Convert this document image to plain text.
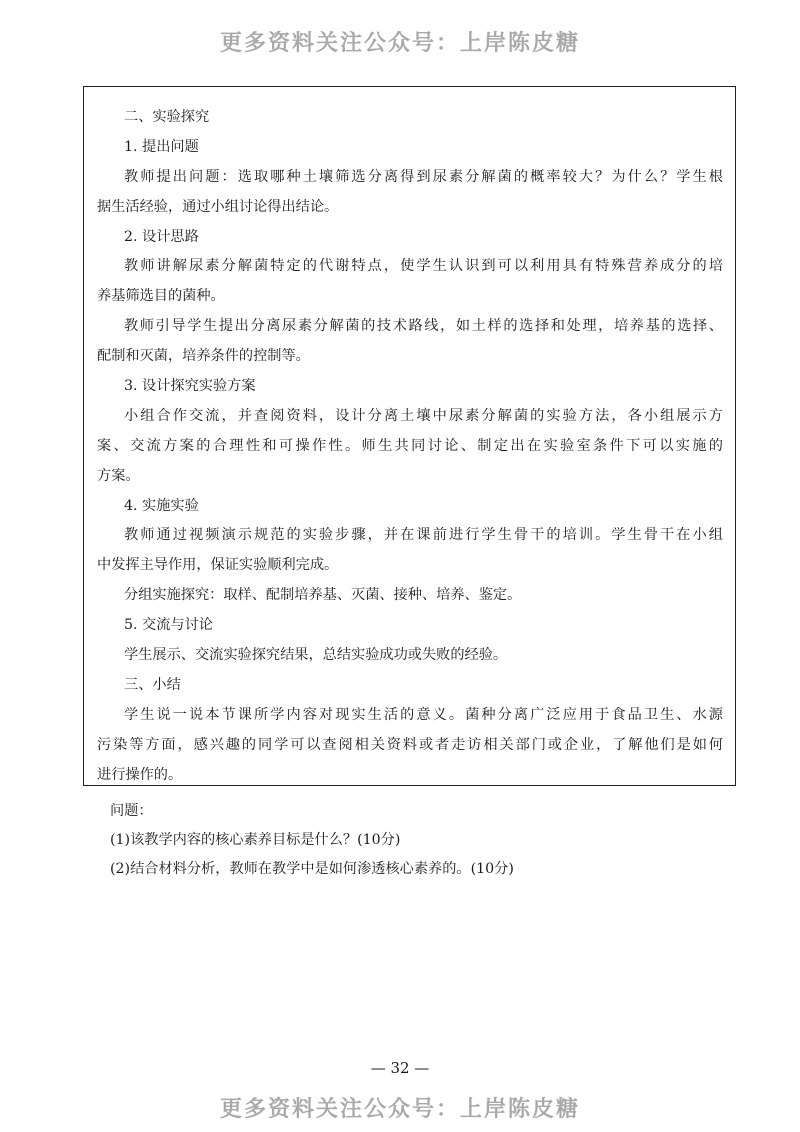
更多资料关注公众号：上岸陈皮糖
二、实验探究
1. 提出问题
教师提出问题：选取哪种土壤筛选分离得到尿素分解菌的概率较大？为什么？学生根
据生活经验，通过小组讨论得出结论。
2. 设计思路
教师讲解尿素分解菌特定的代谢特点，使学生认识到可以利用具有特殊营养成分的培
养基筛选目的菌种。
教师引导学生提出分离尿素分解菌的技术路线，如土样的选择和处理，培养基的选择、
配制和灭菌，培养条件的控制等。
3. 设计探究实验方案
小组合作交流，并查阅资料，设计分离土壤中尿素分解菌的实验方法，各小组展示方
案、交流方案的合理性和可操作性。师生共同讨论、制定出在实验室条件下可以实施的
方案。
4. 实施实验
教师通过视频演示规范的实验步骤，并在课前进行学生骨干的培训。学生骨干在小组
中发挥主导作用，保证实验顺利完成。
分组实施探究：取样、配制培养基、灭菌、接种、培养、鉴定。
5. 交流与讨论
学生展示、交流实验探究结果，总结实验成功或失败的经验。
三、小结
学生说一说本节课所学内容对现实生活的意义。菌种分离广泛应用于食品卫生、水源
污染等方面，感兴趣的同学可以查阅相关资料或者走访相关部门或企业，了解他们是如何
进行操作的。
问题：
(1)该教学内容的核心素养目标是什么？(10分)
(2)结合材料分析，教师在教学中是如何渗透核心素养的。(10分)
— 32 —
更多资料关注公众号：上岸陈皮糖
